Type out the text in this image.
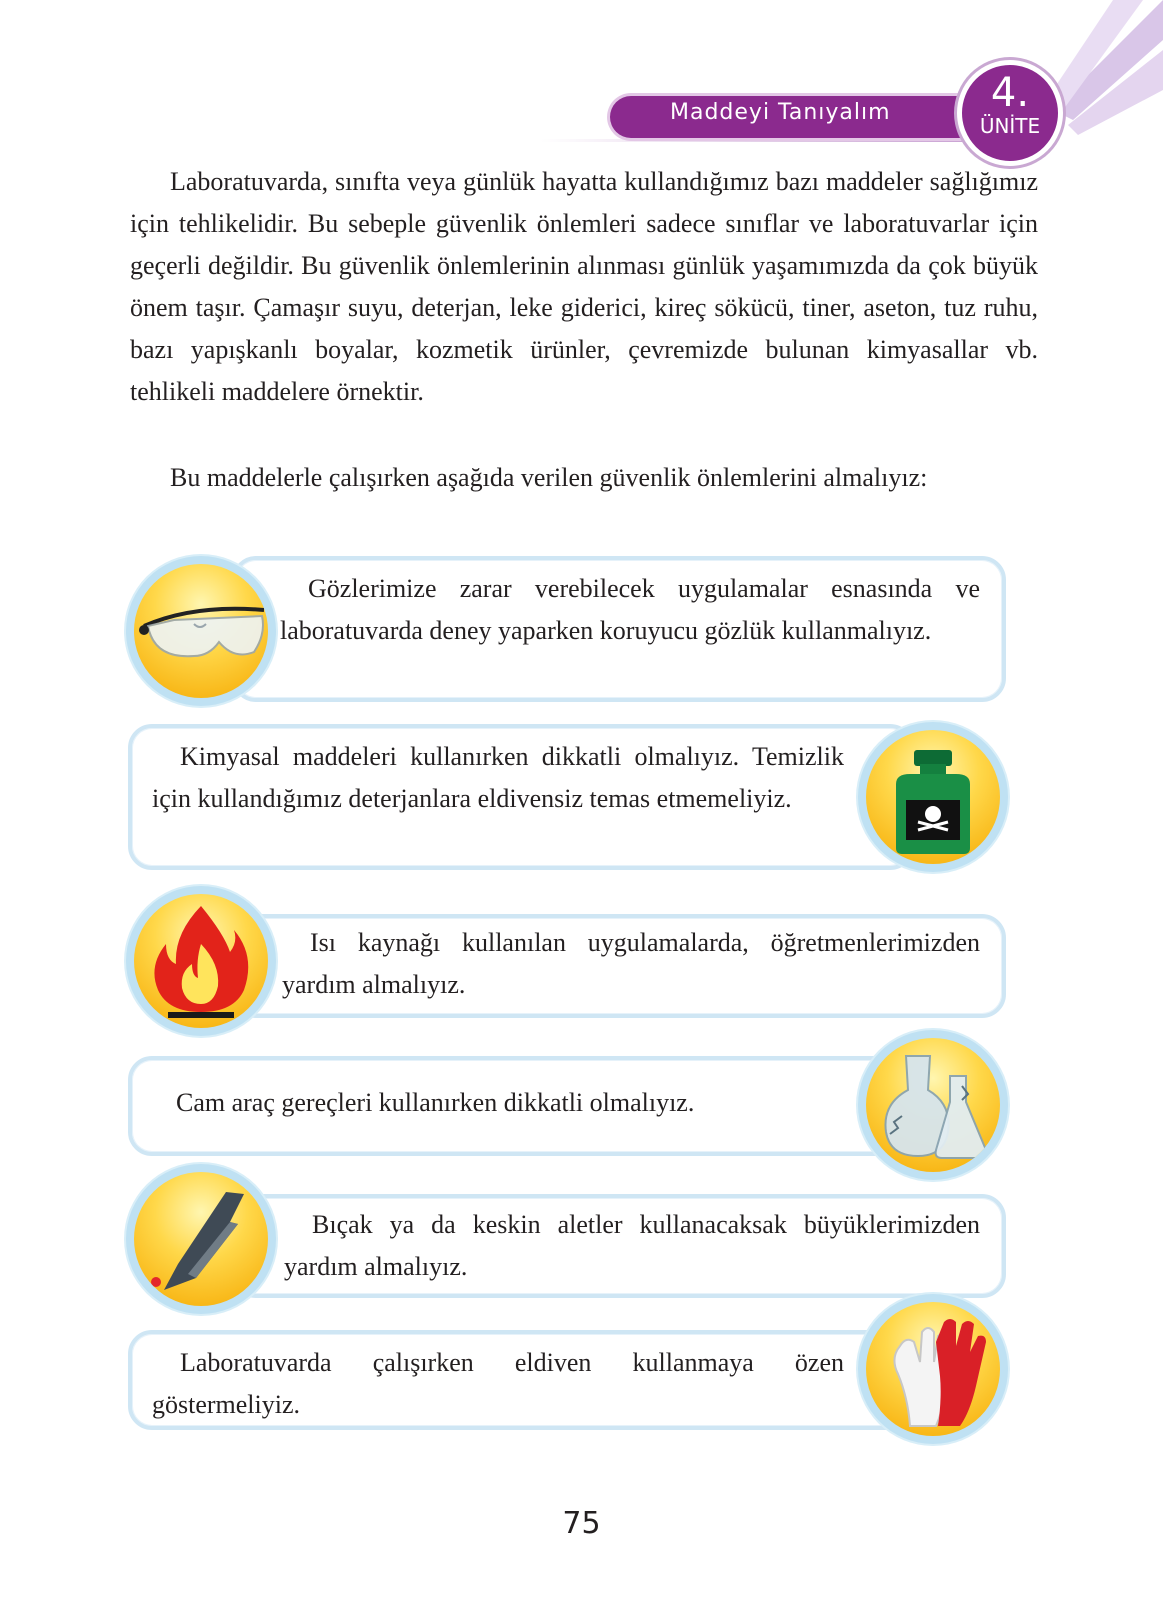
Maddeyi Tanıyalım	4.
ÜNİTE

Laboratuvarda, sınıfta veya günlük hayatta kullandığımız bazı maddeler sağlığımız için tehlikelidir. Bu sebeple güvenlik önlemleri sadece sınıflar ve laboratuvarlar için geçerli değildir. Bu güvenlik önlemlerinin alınması günlük yaşamımızda da çok büyük önem taşır. Çamaşır suyu, deterjan, leke giderici, kireç sökücü, tiner, aseton, tuz ruhu, bazı yapışkanlı boyalar, kozmetik ürünler, çevremizde bulunan kimyasallar vb. tehlikeli maddelere örnektir.

Bu maddelerle çalışırken aşağıda verilen güvenlik önlemlerini almalıyız:

Gözlerimize zarar verebilecek uygulamalar esnasında ve laboratuvarda deney yaparken koruyucu gözlük kullanmalıyız.

Kimyasal maddeleri kullanırken dikkatli olmalıyız. Temizlik için kullandığımız deterjanlara eldivensiz temas etmemeliyiz.

Isı kaynağı kullanılan uygulamalarda, öğretmenlerimizden yardım almalıyız.

Cam araç gereçleri kullanırken dikkatli olmalıyız.

Bıçak ya da keskin aletler kullanacaksak büyüklerimizden yardım almalıyız.

Laboratuvarda çalışırken eldiven kullanmaya özen göstermeliyiz.

75
